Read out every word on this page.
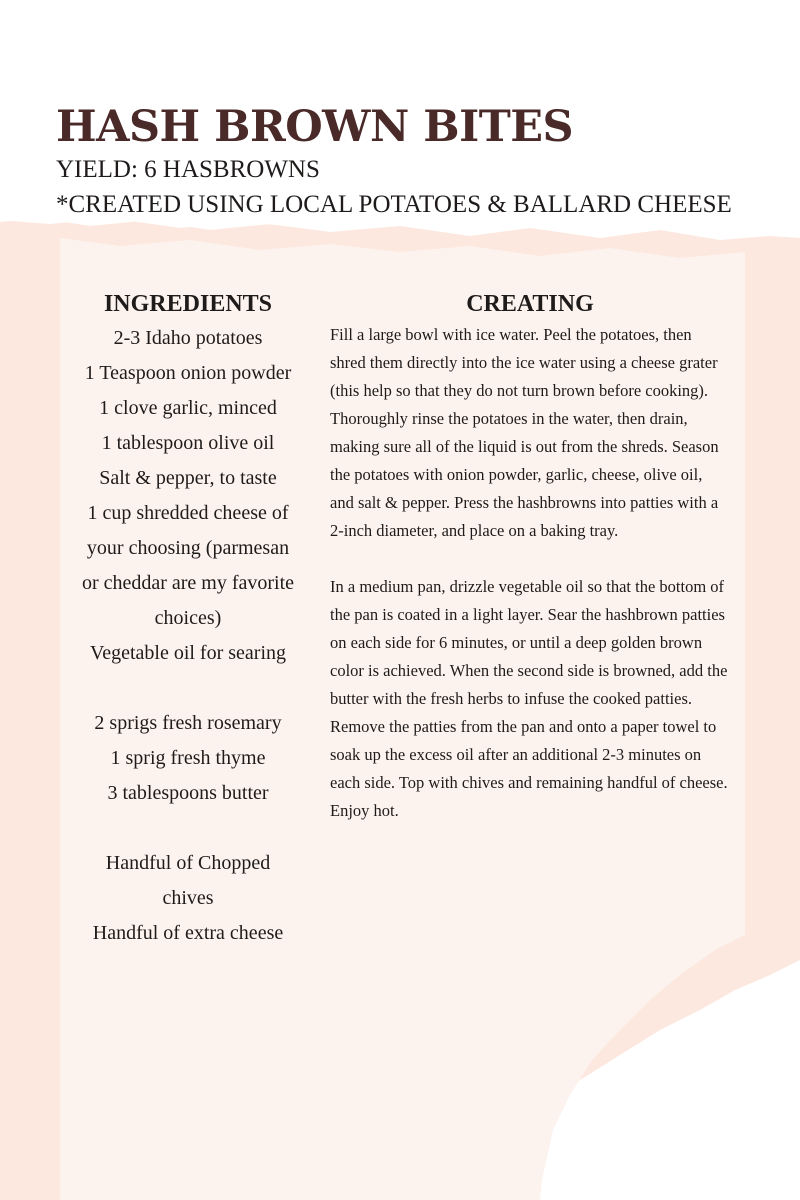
HASH BROWN BITES

YIELD: 6 HASBROWNS

*CREATED USING LOCAL POTATOES & BALLARD CHEESE

INGREDIENTS
2-3 Idaho potatoes
1 Teaspoon onion powder
1 clove garlic, minced
1 tablespoon olive oil
Salt & pepper, to taste
1 cup shredded cheese of your choosing (parmesan or cheddar are my favorite choices)
Vegetable oil for searing
2 sprigs fresh rosemary
1 sprig fresh thyme
3 tablespoons butter
Handful of Chopped chives
Handful of extra cheese
CREATING

Fill a large bowl with ice water. Peel the potatoes, then shred them directly into the ice water using a cheese grater (this help so that they do not turn brown before cooking). Thoroughly rinse the potatoes in the water, then drain, making sure all of the liquid is out from the shreds. Season the potatoes with onion powder, garlic, cheese, olive oil, and salt & pepper. Press the hashbrowns into patties with a 2-inch diameter, and place on a baking tray.

In a medium pan, drizzle vegetable oil so that the bottom of the pan is coated in a light layer. Sear the hashbrown patties on each side for 6 minutes, or until a deep golden brown color is achieved. When the second side is browned, add the butter with the fresh herbs to infuse the cooked patties. Remove the patties from the pan and onto a paper towel to soak up the excess oil after an additional 2-3 minutes on each side. Top with chives and remaining handful of cheese. Enjoy hot.
